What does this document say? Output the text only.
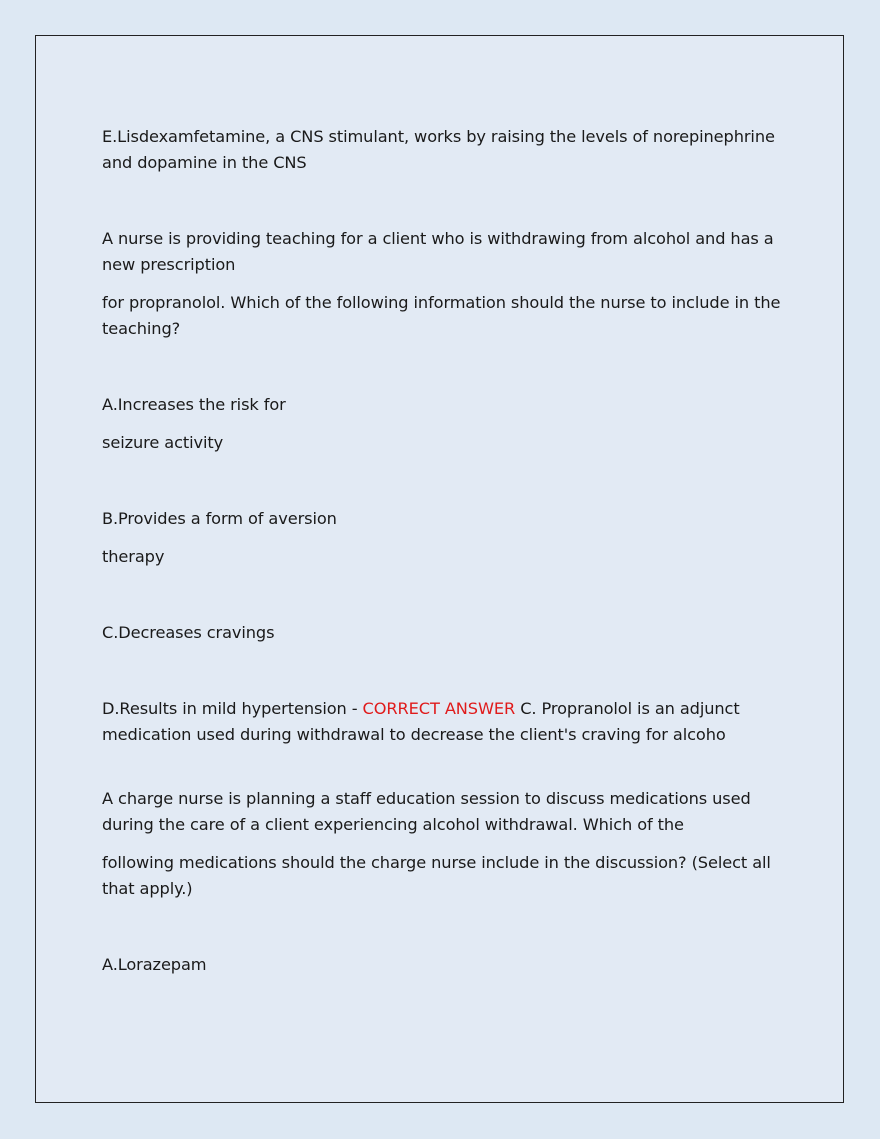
E.Lisdexamfetamine, a CNS stimulant, works by raising the levels of norepinephrine and dopamine in the CNS

A nurse is providing teaching for a client who is withdrawing from alcohol and has a new prescription

for propranolol. Which of the following information should the nurse to include in the teaching?

A.Increases the risk for

seizure activity

B.Provides a form of aversion

therapy

C.Decreases cravings

D.Results in mild hypertension - CORRECT ANSWER C. Propranolol is an adjunct medication used during withdrawal to decrease the client's craving for alcoho

A charge nurse is planning a staff education session to discuss medications used during the care of a client experiencing alcohol withdrawal. Which of the

following medications should the charge nurse include in the discussion? (Select all that apply.)

A.Lorazepam
